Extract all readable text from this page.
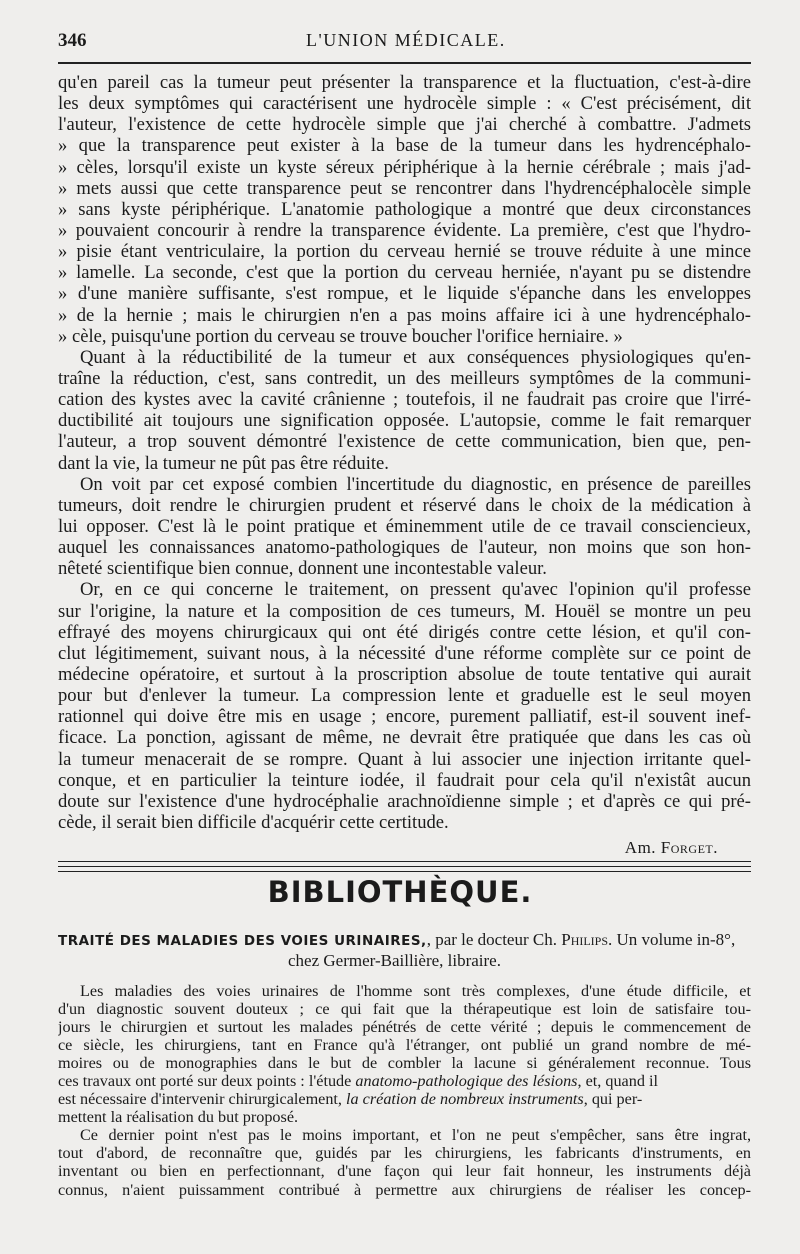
346	L'UNION MÉDICALE.
qu'en pareil cas la tumeur peut présenter la transparence et la fluctuation, c'est-à-dire
les deux symptômes qui caractérisent une hydrocèle simple : « C'est précisément, dit
l'auteur, l'existence de cette hydrocèle simple que j'ai cherché à combattre. J'admets
» que la transparence peut exister à la base de la tumeur dans les hydrencéphalo-
» cèles, lorsqu'il existe un kyste séreux périphérique à la hernie cérébrale ; mais j'ad-
» mets aussi que cette transparence peut se rencontrer dans l'hydrencéphalocèle simple
» sans kyste périphérique. L'anatomie pathologique a montré que deux circonstances
» pouvaient concourir à rendre la transparence évidente. La première, c'est que l'hydro-
» pisie étant ventriculaire, la portion du cerveau hernié se trouve réduite à une mince
» lamelle. La seconde, c'est que la portion du cerveau herniée, n'ayant pu se distendre
» d'une manière suffisante, s'est rompue, et le liquide s'épanche dans les enveloppes
» de la hernie ; mais le chirurgien n'en a pas moins affaire ici à une hydrencéphalo-
» cèle, puisqu'une portion du cerveau se trouve boucher l'orifice herniaire. »
Quant à la réductibilité de la tumeur et aux conséquences physiologiques qu'en-
traîne la réduction, c'est, sans contredit, un des meilleurs symptômes de la communi-
cation des kystes avec la cavité crânienne ; toutefois, il ne faudrait pas croire que l'irré-
ductibilité ait toujours une signification opposée. L'autopsie, comme le fait remarquer
l'auteur, a trop souvent démontré l'existence de cette communication, bien que, pen-
dant la vie, la tumeur ne pût pas être réduite.
On voit par cet exposé combien l'incertitude du diagnostic, en présence de pareilles
tumeurs, doit rendre le chirurgien prudent et réservé dans le choix de la médication à
lui opposer. C'est là le point pratique et éminemment utile de ce travail consciencieux,
auquel les connaissances anatomo-pathologiques de l'auteur, non moins que son hon-
nêteté scientifique bien connue, donnent une incontestable valeur.
Or, en ce qui concerne le traitement, on pressent qu'avec l'opinion qu'il professe
sur l'origine, la nature et la composition de ces tumeurs, M. Houël se montre un peu
effrayé des moyens chirurgicaux qui ont été dirigés contre cette lésion, et qu'il con-
clut légitimement, suivant nous, à la nécessité d'une réforme complète sur ce point de
médecine opératoire, et surtout à la proscription absolue de toute tentative qui aurait
pour but d'enlever la tumeur. La compression lente et graduelle est le seul moyen
rationnel qui doive être mis en usage ; encore, purement palliatif, est-il souvent inef-
ficace. La ponction, agissant de même, ne devrait être pratiquée que dans les cas où
la tumeur menacerait de se rompre. Quant à lui associer une injection irritante quel-
conque, et en particulier la teinture iodée, il faudrait pour cela qu'il n'existât aucun
doute sur l'existence d'une hydrocéphalie arachnoïdienne simple ; et d'après ce qui pré-
cède, il serait bien difficile d'acquérir cette certitude.
Am. Forget.
BIBLIOTHÈQUE.
TRAITÉ DES MALADIES DES VOIES URINAIRES,, par le docteur Ch. Philips. Un volume in-8°,
chez Germer-Baillière, libraire.
Les maladies des voies urinaires de l'homme sont très complexes, d'une étude difficile, et
d'un diagnostic souvent douteux ; ce qui fait que la thérapeutique est loin de satisfaire tou-
jours le chirurgien et surtout les malades pénétrés de cette vérité ; depuis le commencement de
ce siècle, les chirurgiens, tant en France qu'à l'étranger, ont publié un grand nombre de mé-
moires ou de monographies dans le but de combler la lacune si généralement reconnue. Tous
ces travaux ont porté sur deux points : l'étude anatomo-pathologique des lésions, et, quand il
est nécessaire d'intervenir chirurgicalement, la création de nombreux instruments, qui per-
mettent la réalisation du but proposé.
Ce dernier point n'est pas le moins important, et l'on ne peut s'empêcher, sans être ingrat,
tout d'abord, de reconnaître que, guidés par les chirurgiens, les fabricants d'instruments, en
inventant ou bien en perfectionnant, d'une façon qui leur fait honneur, les instruments déjà
connus, n'aient puissamment contribué à permettre aux chirurgiens de réaliser les concep-
